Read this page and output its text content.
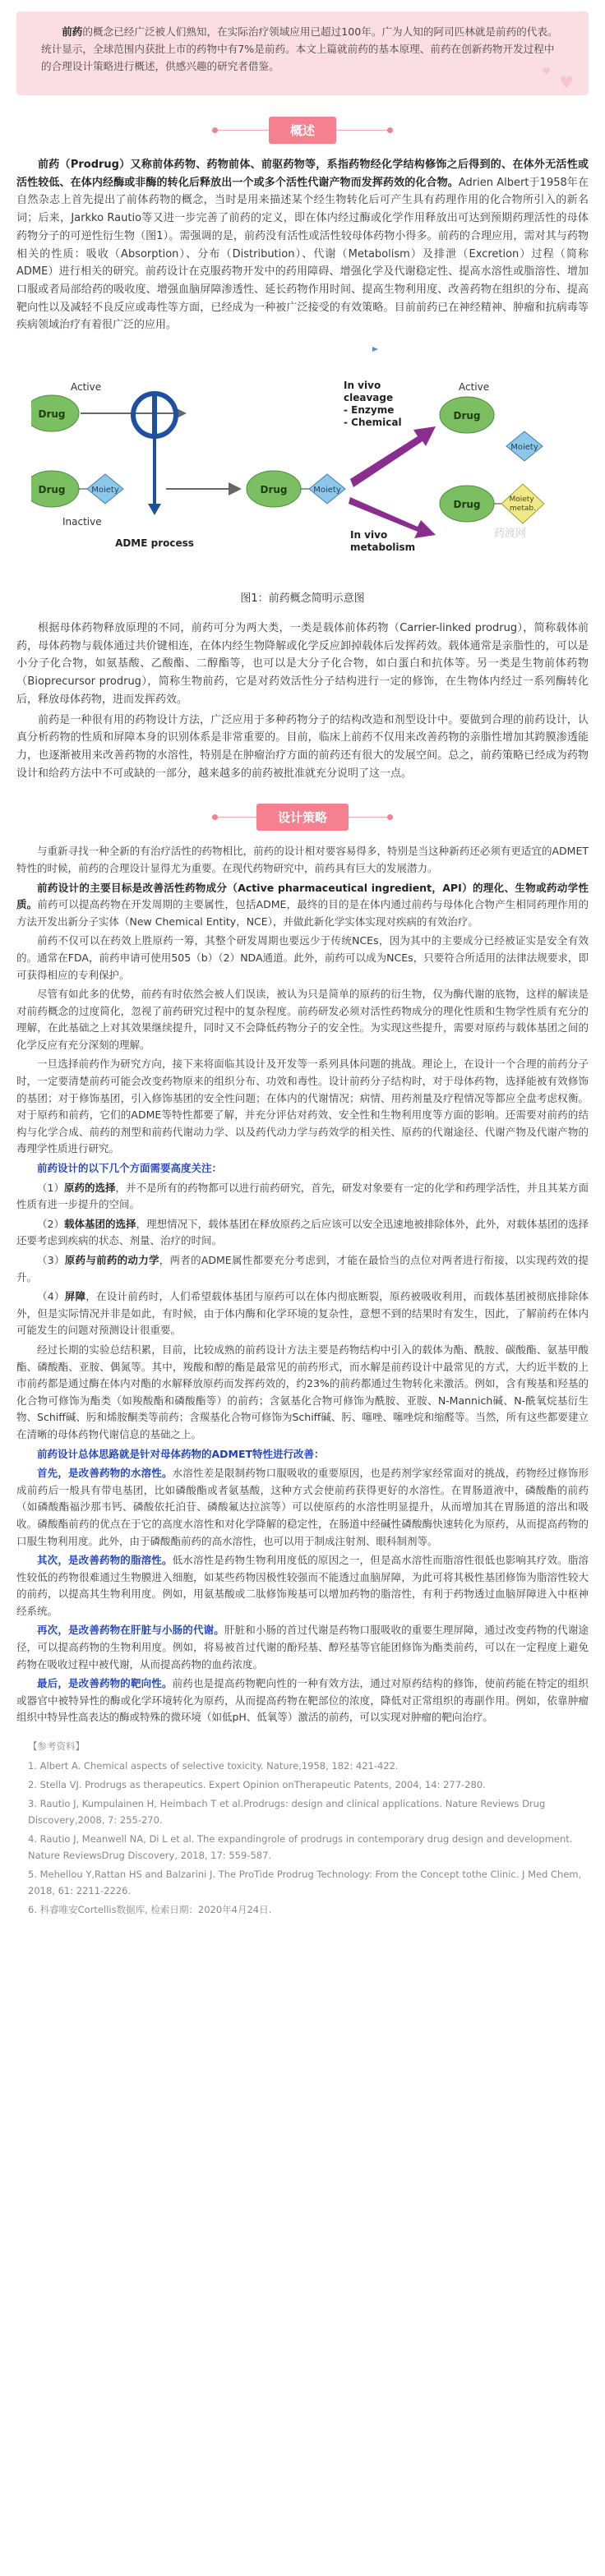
前药的概念已经广泛被人们熟知，在实际治疗领域应用已超过100年。广为人知的阿司匹林就是前药的代表。统计显示，全球范围内获批上市的药物中有7%是前药。本文上篇就前药的基本原理、前药在创新药物开发过程中的合理设计策略进行概述，供感兴趣的研究者借鉴。

♥
♥
概述

前药（Prodrug）又称前体药物、药物前体、前驱药物等，系指药物经化学结构修饰之后得到的、在体外无活性或活性较低、在体内经酶或非酶的转化后释放出一个或多个活性代谢产物而发挥药效的化合物。Adrien Albert于1958年在自然杂志上首先提出了前体药物的概念，当时是用来描述某个经生物转化后可产生具有药理作用的化合物所引入的新名词；后来，Jarkko Rautio等又进一步完善了前药的定义，即在体内经过酶或化学作用释放出可达到预期药理活性的母体药物分子的可逆性衍生物（图1）。需强调的是，前药没有活性或活性较母体药物小得多。前药的合理应用，需对其与药物相关的性质：吸收（Absorption）、分布（Distribution）、代谢（Metabolism）及排泄（Excretion）过程（简称ADME）进行相关的研究。前药设计在克服药物开发中的药用障碍、增强化学及代谢稳定性、提高水溶性或脂溶性、增加口服或者局部给药的吸收度、增强血脑屏障渗透性、延长药物作用时间、提高生物利用度、改善药物在组织的分布、提高靶向性以及减轻不良反应或毒性等方面，已经成为一种被广泛接受的有效策略。目前前药已在神经精神、肿瘤和抗病毒等疾病领域治疗有着很广泛的应用。

Active
Drug
ADME process
Drug	Moiety
Inactive
Drug	Moiety
In vivo cleavage - Enzyme - Chemical
In vivo metabolism
Active
Drug
Moiety
Drug	Moiety metab.
药渡网
图1：前药概念简明示意图

根据母体药物释放原理的不同，前药可分为两大类，一类是载体前体药物（Carrier-linked prodrug），简称载体前药，母体药物与载体通过共价键相连，在体内经生物降解或化学反应卸掉载体后发挥药效。载体通常是亲脂性的，可以是小分子化合物，如氨基酸、乙酸酯、二醇酯等，也可以是大分子化合物，如白蛋白和抗体等。另一类是生物前体药物（Bioprecursor prodrug），简称生物前药，它是对药效活性分子结构进行一定的修饰，在生物体内经过一系列酶转化后，释放母体药物，进而发挥药效。

前药是一种很有用的药物设计方法，广泛应用于多种药物分子的结构改造和剂型设计中。要做到合理的前药设计，认真分析药物的性质和屏障本身的识别体系是非常重要的。目前，临床上前药不仅用来改善药物的亲脂性增加其跨膜渗透能力，也逐渐被用来改善药物的水溶性，特别是在肿瘤治疗方面的前药还有很大的发展空间。总之，前药策略已经成为药物设计和给药方法中不可或缺的一部分，越来越多的前药被批准就充分说明了这一点。

设计策略

与重新寻找一种全新的有治疗活性的药物相比，前药的设计相对要容易得多，特别是当这种新药还必须有更适宜的ADMET特性的时候，前药的合理设计显得尤为重要。在现代药物研究中，前药具有巨大的发展潜力。

前药设计的主要目标是改善活性药物成分（Active pharmaceutical ingredient，API）的理化、生物或药动学性质。前药可以提高药物在开发周期的主要属性，包括ADME，最终的目的是在体内通过前药与母体化合物产生相同药理作用的方法开发出新分子实体（New Chemical Entity，NCE），并做此新化学实体实现对疾病的有效治疗。

前药不仅可以在药效上胜原药一筹，其整个研发周期也要远少于传统NCEs，因为其中的主要成分已经被证实是安全有效的。通常在FDA，前药申请可使用505（b）（2）NDA通道。此外，前药可以成为NCEs，只要符合所适用的法律法规要求，即可获得相应的专利保护。

尽管有如此多的优势，前药有时依然会被人们误读，被认为只是简单的原药的衍生物，仅为酶代谢的底物，这样的解读是对前药概念的过度简化，忽视了前药研究过程中的复杂程度。前药研发必须对活性药物成分的理化性质和生物学性质有充分的理解，在此基础之上对其效果继续提升，同时又不会降低药物分子的安全性。为实现这些提升，需要对原药与载体基团之间的化学反应有充分深刻的理解。

一旦选择前药作为研究方向，接下来将面临其设计及开发等一系列具体问题的挑战。理论上，在设计一个合理的前药分子时，一定要清楚前药可能会改变药物原来的组织分布、功效和毒性。设计前药分子结构时，对于母体药物，选择能被有效修饰的基团；对于修饰基团，引入修饰基团的安全性问题；在体内的代谢情况；病情、用药剂量及疗程情况等都应全盘考虑权衡。对于原药和前药，它们的ADME等特性都要了解，并充分评估对药效、安全性和生物利用度等方面的影响。还需要对前药的结构与化学合成、前药的剂型和前药代谢动力学、以及药代动力学与药效学的相关性、原药的代谢途径、代谢产物及代谢产物的毒理学性质进行研究。

前药设计的以下几个方面需要高度关注：

（1）原药的选择，并不是所有的药物都可以进行前药研究，首先，研发对象要有一定的化学和药理学活性，并且其某方面性质有进一步提升的空间。

（2）载体基团的选择，理想情况下，载体基团在释放原药之后应该可以安全迅速地被排除体外，此外，对载体基团的选择还要考虑到疾病的状态、剂量、治疗的时间。

（3）原药与前药的动力学，两者的ADME属性都要充分考虑到，才能在最恰当的点位对两者进行衔接，以实现药效的提升。

（4）屏障，在设计前药时，人们希望载体基团与原药可以在体内彻底断裂，原药被吸收利用，而载体基团被彻底排除体外，但是实际情况并非是如此，有时候，由于体内酶和化学环境的复杂性，意想不到的结果时有发生，因此，了解前药在体内可能发生的问题对预测设计很重要。

经过长期的实验总结积累，目前，比较成熟的前药设计方法主要是药物结构中引入的载体为酯、酰胺、碳酸酯、氨基甲酸酯、磷酸酯、亚胺、偶氮等。其中，羧酸和醇的酯是最常见的前药形式，而水解是前药设计中最常见的方式，大约近半数的上市前药都是通过酶在体内对酯的水解释放原药而发挥药效的，约23%的前药都通过生物转化来激活。例如，含有羧基和羟基的化合物可修饰为酯类（如羧酸酯和磷酸酯等）的前药；含氨基化合物可修饰为酰胺、亚胺、N-Mannich碱、N-酰氧烷基衍生物、Schiff碱、肟和烯胺酮类等前药；含羰基化合物可修饰为Schiff碱、肟、噻唑、噻唑烷和缩醛等。当然，所有这些都要建立在清晰的母体药物代谢信息的基础之上。

前药设计总体思路就是针对母体药物的ADMET特性进行改善：

首先，是改善药物的水溶性。水溶性差是限制药物口服吸收的重要原因，也是药剂学家经常面对的挑战，药物经过修饰形成前药后一般具有带电基团，比如磷酸酯或者氨基酸，这种方式会使前药获得更好的水溶性。在胃肠道液中，磷酸酯的前药（如磷酸酯福沙那韦钙、磷酸依托泊苷、磷酸氟达拉滨等）可以使原药的水溶性明显提升，从而增加其在胃肠道的溶出和吸收。磷酸酯前药的优点在于它的高度水溶性和对化学降解的稳定性，在肠道中经碱性磷酸酶快速转化为原药，从而提高药物的口服生物利用度。此外，由于磷酸酯前药的高水溶性，也可以用于制成注射剂、眼科制剂等。

其次，是改善药物的脂溶性。低水溶性是药物生物利用度低的原因之一，但是高水溶性而脂溶性很低也影响其疗效。脂溶性较低的药物很难通过生物膜进入细胞，如某些药物因极性较强而不能透过血脑屏障，为此可将其极性基团修饰为脂溶性较大的前药，以提高其生物利用度。例如，用氨基酸或二肽修饰羧基可以增加药物的脂溶性，有利于药物透过血脑屏障进入中枢神经系统。

再次，是改善药物在肝脏与小肠的代谢。肝脏和小肠的首过代谢是药物口服吸收的重要生理屏障，通过改变药物的代谢途径，可以提高药物的生物利用度。例如，将易被首过代谢的酚羟基、醇羟基等官能团修饰为酯类前药，可以在一定程度上避免药物在吸收过程中被代谢，从而提高药物的血药浓度。

最后，是改善药物的靶向性。前药也是提高药物靶向性的一种有效方法，通过对原药结构的修饰，使前药能在特定的组织或器官中被特异性的酶或化学环境转化为原药，从而提高药物在靶部位的浓度，降低对正常组织的毒副作用。例如，依靠肿瘤组织中特异性高表达的酶或特殊的微环境（如低pH、低氧等）激活的前药，可以实现对肿瘤的靶向治疗。

【参考资料】
1. Albert A. Chemical aspects of selective toxicity. Nature,1958, 182: 421-422.
2. Stella VJ. Prodrugs as therapeutics. Expert Opinion onTherapeutic Patents, 2004, 14: 277-280.
3. Rautio J, Kumpulainen H, Heimbach T et al.Prodrugs: design and clinical applications. Nature Reviews Drug Discovery,2008, 7: 255-270.
4. Rautio J, Meanwell NA, Di L et al. The expandingrole of prodrugs in contemporary drug design and development. Nature ReviewsDrug Discovery, 2018, 17: 559-587.
5. Mehellou Y,Rattan HS and Balzarini J. The ProTide Prodrug Technology: From the Concept tothe Clinic. J Med Chem, 2018, 61: 2211-2226.
6. 科睿唯安Cortellis数据库, 检索日期：2020年4月24日.
